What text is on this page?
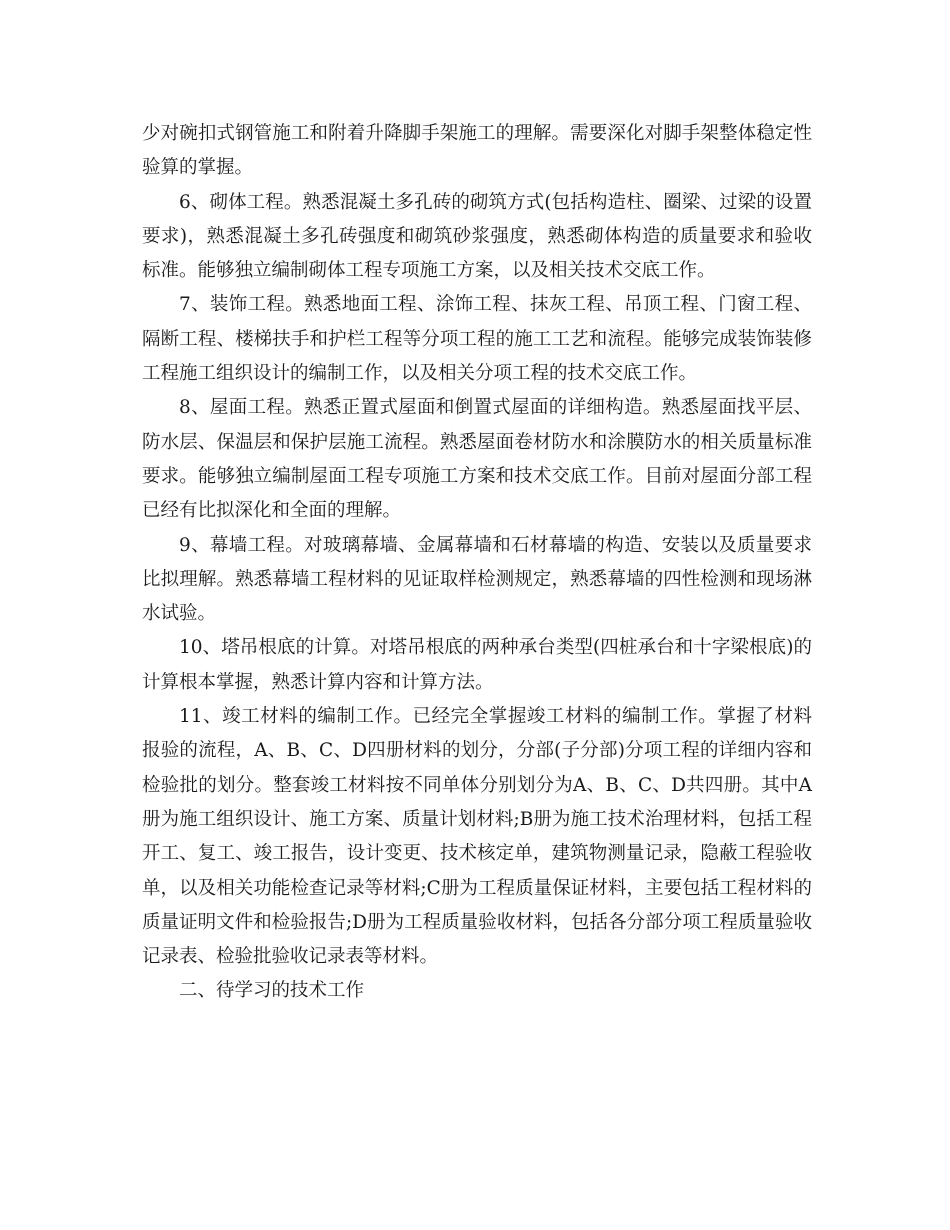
少对碗扣式钢管施工和附着升降脚手架施工的理解。需要深化对脚手架整体稳定性验算的掌握。

6、砌体工程。熟悉混凝土多孔砖的砌筑方式(包括构造柱、圈梁、过梁的设置要求)，熟悉混凝土多孔砖强度和砌筑砂浆强度，熟悉砌体构造的质量要求和验收标准。能够独立编制砌体工程专项施工方案，以及相关技术交底工作。

7、装饰工程。熟悉地面工程、涂饰工程、抹灰工程、吊顶工程、门窗工程、隔断工程、楼梯扶手和护栏工程等分项工程的施工工艺和流程。能够完成装饰装修工程施工组织设计的编制工作，以及相关分项工程的技术交底工作。

8、屋面工程。熟悉正置式屋面和倒置式屋面的详细构造。熟悉屋面找平层、防水层、保温层和保护层施工流程。熟悉屋面卷材防水和涂膜防水的相关质量标准要求。能够独立编制屋面工程专项施工方案和技术交底工作。目前对屋面分部工程已经有比拟深化和全面的理解。

9、幕墙工程。对玻璃幕墙、金属幕墙和石材幕墙的构造、安装以及质量要求比拟理解。熟悉幕墙工程材料的见证取样检测规定，熟悉幕墙的四性检测和现场淋水试验。

10、塔吊根底的计算。对塔吊根底的两种承台类型(四桩承台和十字梁根底)的计算根本掌握，熟悉计算内容和计算方法。

11、竣工材料的编制工作。已经完全掌握竣工材料的编制工作。掌握了材料报验的流程，A、B、C、D四册材料的划分，分部(子分部)分项工程的详细内容和检验批的划分。整套竣工材料按不同单体分别划分为A、B、C、D共四册。其中A册为施工组织设计、施工方案、质量计划材料;B册为施工技术治理材料，包括工程开工、复工、竣工报告，设计变更、技术核定单，建筑物测量记录，隐蔽工程验收单，以及相关功能检查记录等材料;C册为工程质量保证材料，主要包括工程材料的质量证明文件和检验报告;D册为工程质量验收材料，包括各分部分项工程质量验收记录表、检验批验收记录表等材料。

二、待学习的技术工作
